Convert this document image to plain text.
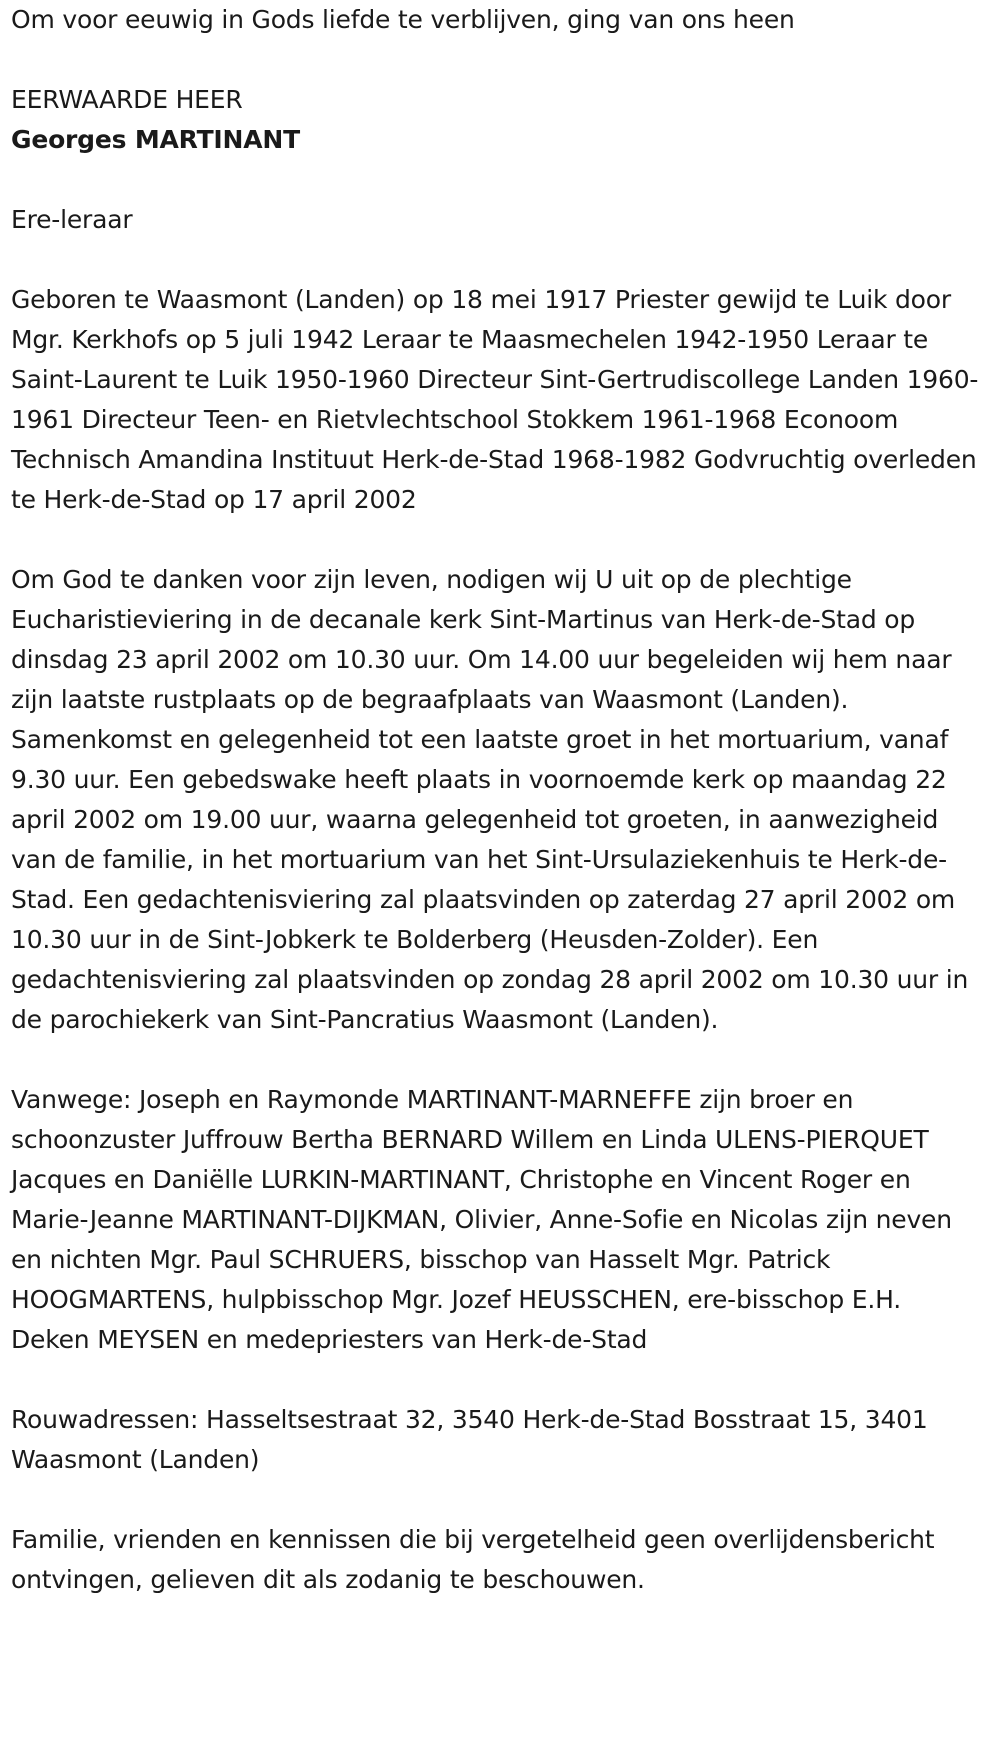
Om voor eeuwig in Gods liefde te verblijven, ging van ons heen

EERWAARDE HEER

Georges MARTINANT

Ere-leraar

Geboren te Waasmont (Landen) op 18 mei 1917 Priester gewijd te Luik door Mgr. Kerkhofs op 5 juli 1942 Leraar te Maasmechelen 1942-1950 Leraar te Saint-Laurent te Luik 1950-1960 Directeur Sint-Gertrudiscollege Landen 1960-1961 Directeur Teen- en Rietvlechtschool Stokkem 1961-1968 Econoom Technisch Amandina Instituut Herk-de-Stad 1968-1982 Godvruchtig overleden te Herk-de-Stad op 17 april 2002

Om God te danken voor zijn leven, nodigen wij U uit op de plechtige Eucharistieviering in de decanale kerk Sint-Martinus van Herk-de-Stad op dinsdag 23 april 2002 om 10.30 uur. Om 14.00 uur begeleiden wij hem naar zijn laatste rustplaats op de begraafplaats van Waasmont (Landen). Samenkomst en gelegenheid tot een laatste groet in het mortuarium, vanaf 9.30 uur. Een gebedswake heeft plaats in voornoemde kerk op maandag 22 april 2002 om 19.00 uur, waarna gelegenheid tot groeten, in aanwezigheid van de familie, in het mortuarium van het Sint-Ursulaziekenhuis te Herk-de-Stad. Een gedachtenisviering zal plaatsvinden op zaterdag 27 april 2002 om 10.30 uur in de Sint-Jobkerk te Bolderberg (Heusden-Zolder). Een gedachtenisviering zal plaatsvinden op zondag 28 april 2002 om 10.30 uur in de parochiekerk van Sint-Pancratius Waasmont (Landen).

Vanwege: Joseph en Raymonde MARTINANT-MARNEFFE zijn broer en schoonzuster Juffrouw Bertha BERNARD Willem en Linda ULENS-PIERQUET Jacques en Daniëlle LURKIN-MARTINANT, Christophe en Vincent Roger en Marie-Jeanne MARTINANT-DIJKMAN, Olivier, Anne-Sofie en Nicolas zijn neven en nichten Mgr. Paul SCHRUERS, bisschop van Hasselt Mgr. Patrick HOOGMARTENS, hulpbisschop Mgr. Jozef HEUSSCHEN, ere-bisschop E.H. Deken MEYSEN en medepriesters van Herk-de-Stad

Rouwadressen: Hasseltsestraat 32, 3540 Herk-de-Stad Bosstraat 15, 3401 Waasmont (Landen)

Familie, vrienden en kennissen die bij vergetelheid geen overlijdensbericht ontvingen, gelieven dit als zodanig te beschouwen.
